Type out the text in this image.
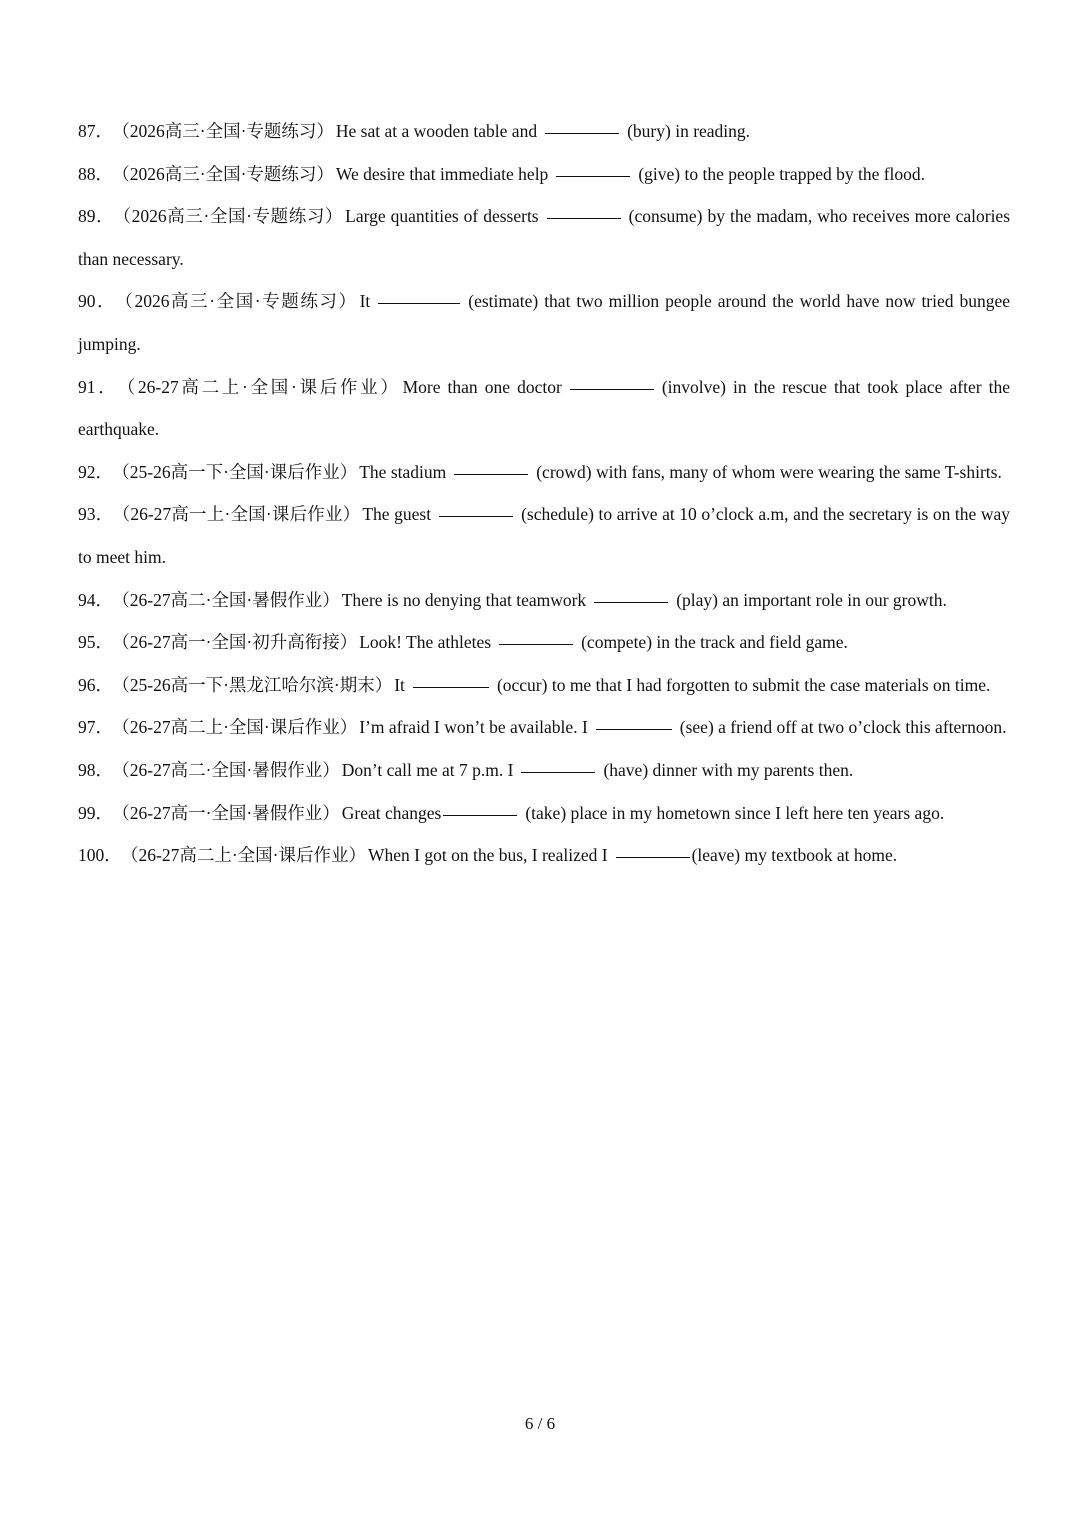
87． （2026高三·全国·专题练习） He sat at a wooden table and	(bury) in reading.
88． （2026高三·全国·专题练习） We desire that immediate help	(give) to the people trapped by the flood.
89． （2026高三·全国·专题练习） Large quantities of desserts	(consume) by the madam, who receives more calories than necessary.
90． （2026高三·全国·专题练习） It	(estimate) that two million people around the world have now tried bungee jumping.
91． （26-27高二上·全国·课后作业） More than one doctor	(involve) in the rescue that took place after the earthquake.
92． （25-26高一下·全国·课后作业） The stadium	(crowd) with fans, many of whom were wearing the same T-shirts.
93． （26-27高一上·全国·课后作业） The guest	(schedule) to arrive at 10 o’clock a.m, and the secretary is on the way to meet him.
94． （26-27高二·全国·暑假作业） There is no denying that teamwork	(play) an important role in our growth.
95． （26-27高一·全国·初升高衔接） Look! The athletes	(compete) in the track and field game.
96． （25-26高一下·黑龙江哈尔滨·期末） It	(occur) to me that I had forgotten to submit the case materials on time.
97． （26-27高二上·全国·课后作业） I’m afraid I won’t be available. I	(see) a friend off at two o’clock this afternoon.
98． （26-27高二·全国·暑假作业） Don’t call me at 7 p.m. I	(have) dinner with my parents then.
99． （26-27高一·全国·暑假作业） Great changes	(take) place in my hometown since I left here ten years ago.
100． （26-27高二上·全国·课后作业） When I got on the bus, I realized I	(leave) my textbook at home.
6 / 6
